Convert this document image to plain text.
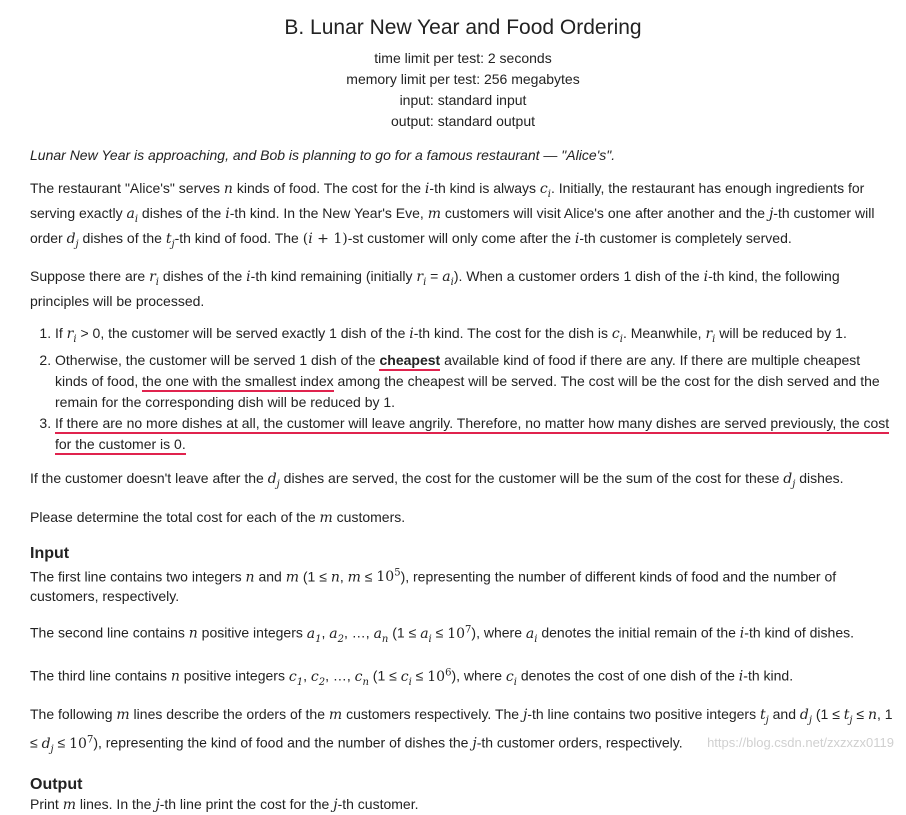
B. Lunar New Year and Food Ordering
time limit per test: 2 seconds
memory limit per test: 256 megabytes
input: standard input
output: standard output

Lunar New Year is approaching, and Bob is planning to go for a famous restaurant — "Alice's".

The restaurant "Alice's" serves n kinds of food. The cost for the i-th kind is always $c_i$. Initially, the restaurant has enough ingredients for serving exactly $a_i$ dishes of the i-th kind. In the New Year's Eve, m customers will visit Alice's one after another and the j-th customer will order $d_j$ dishes of the $t_j-th$ kind of food. The (i + 1)-st customer will only come after the i-th customer is completely served.

Suppose there are $r_i$ dishes of the i-th kind remaining (initially $r_i = a_i$). When a customer orders 1 dish of the i-th kind, the following principles will be processed.

1. If $r_i > 0$, the customer will be served exactly 1 dish of the i-th kind. The cost for the dish is $c_i$. Meanwhile, $r_i$ will be reduced by 1.
2. Otherwise, the customer will be served 1 dish of the cheapest available kind of food if there are any. If there are multiple cheapest kinds of food, the one with the smallest index among the cheapest will be served. The cost will be the cost for the dish served and the remain for the corresponding dish will be reduced by 1.
3. If there are no more dishes at all, the customer will leave angrily. Therefore, no matter how many dishes are served previously, the cost for the customer is 0.

If the customer doesn't leave after the $d_j$ dishes are served, the cost for the customer will be the sum of the cost for these $d_j$ dishes.

Please determine the total cost for each of the m customers.

Input

The first line contains two integers n and m (1 ≤ n, $m \le 10^5$), representing the number of different kinds of food and the number of customers, respectively.

The second line contains n positive integers $a_1$, $a_2$, …, $a_n$ $(1 \le a_i \le 10^7)$, where $a_i$ denotes the initial remain of the i-th kind of dishes.

The third line contains n positive integers $c_1$, $c_2$, …, $c_n$ $(1 \le c_i \le 10^6)$, where $c_i$ denotes the cost of one dish of the i-th kind.

The following m lines describe the orders of the m customers respectively. The j-th line contains two positive integers $t_j$ and $d_j$ ($1 \le t_j \le n$, $1 \le d_j \le 10^7$), representing the kind of food and the number of dishes the j-th customer orders, respectively.

Output

Print m lines. In the j-th line print the cost for the j-th customer.

https://blog.csdn.net/zxzxzx0119
